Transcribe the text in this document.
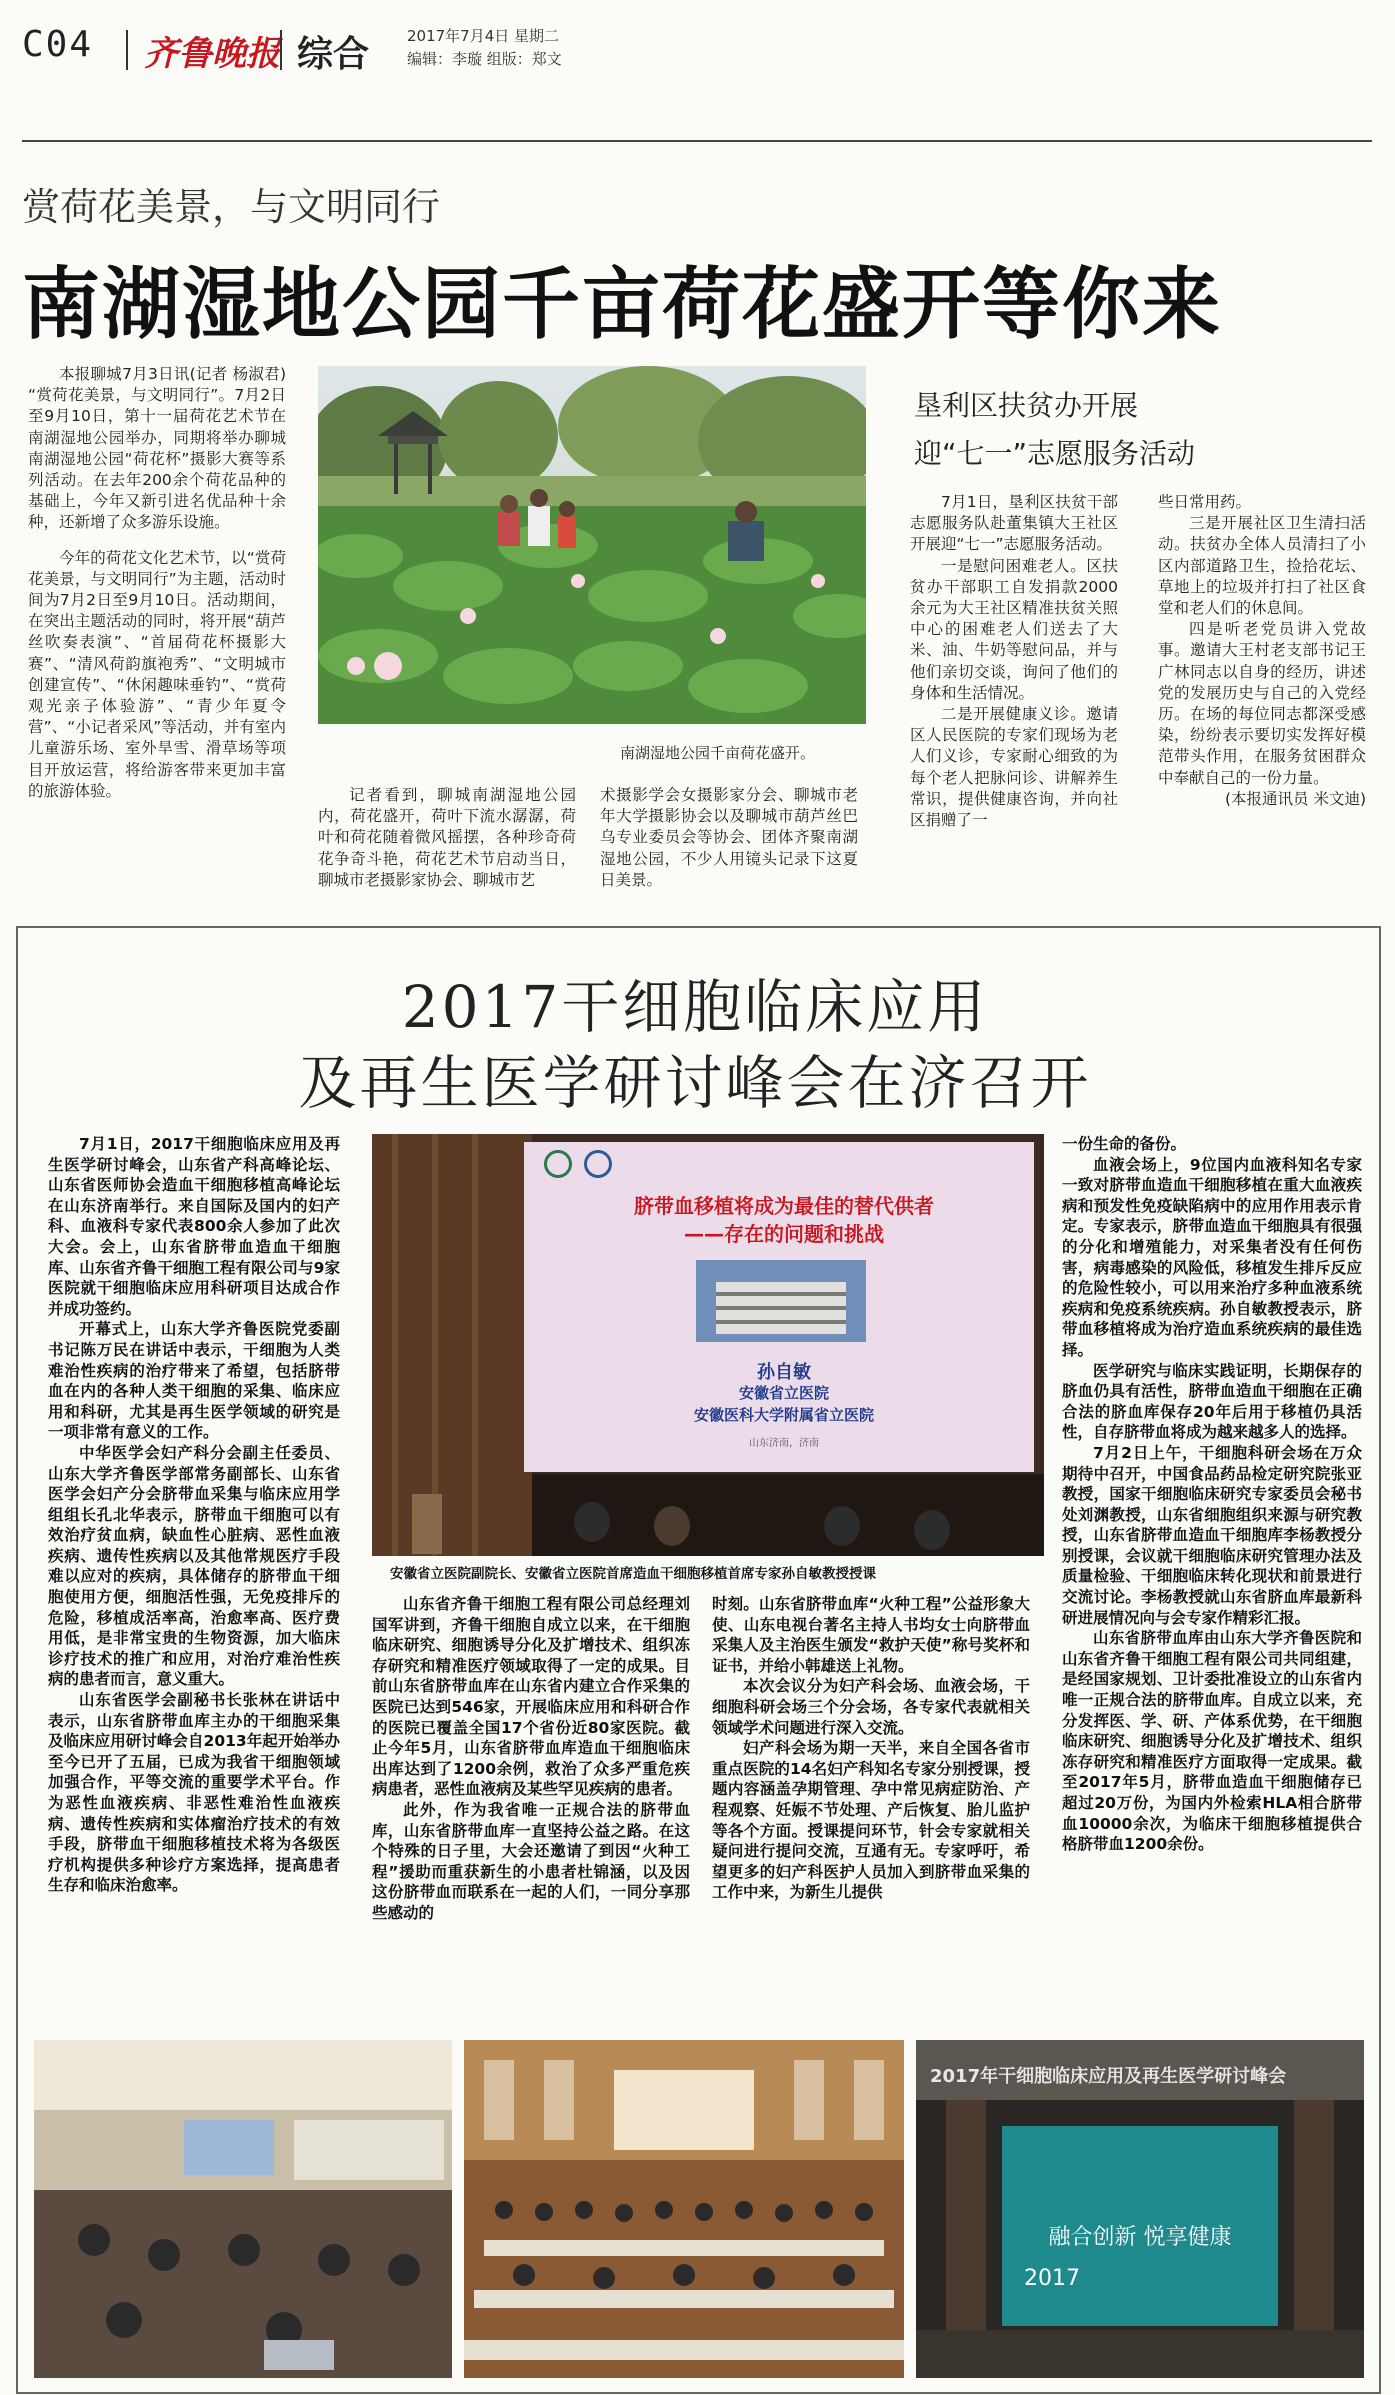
C04 齐鲁晚报 综合	2017年7月4日 星期二
编辑：李璇 组版：郑文
赏荷花美景，与文明同行
南湖湿地公园千亩荷花盛开等你来

本报聊城7月3日讯(记者 杨淑君) “赏荷花美景，与文明同行”。7月2日至9月10日，第十一届荷花艺术节在南湖湿地公园举办，同期将举办聊城南湖湿地公园“荷花杯”摄影大赛等系列活动。在去年200余个荷花品种的基础上，今年又新引进名优品种十余种，还新增了众多游乐设施。

今年的荷花文化艺术节，以“赏荷花美景，与文明同行”为主题，活动时间为7月2日至9月10日。活动期间，在突出主题活动的同时，将开展“葫芦丝吹奏表演”、“首届荷花杯摄影大赛”、“清风荷韵旗袍秀”、“文明城市创建宣传”、“休闲趣味垂钓”、“赏荷观光亲子体验游”、“青少年夏令营”、“小记者采风”等活动，并有室内儿童游乐场、室外旱雪、滑草场等项目开放运营，将给游客带来更加丰富的旅游体验。

南湖湿地公园千亩荷花盛开。

记者看到，聊城南湖湿地公园内，荷花盛开，荷叶下流水潺潺，荷叶和荷花随着微风摇摆，各种珍奇荷花争奇斗艳，荷花艺术节启动当日，聊城市老摄影家协会、聊城市艺

术摄影学会女摄影家分会、聊城市老年大学摄影协会以及聊城市葫芦丝巴乌专业委员会等协会、团体齐聚南湖湿地公园，不少人用镜头记录下这夏日美景。

垦利区扶贫办开展
迎“七一”志愿服务活动

7月1日，垦利区扶贫干部志愿服务队赴董集镇大王社区开展迎“七一”志愿服务活动。

一是慰问困难老人。区扶贫办干部职工自发捐款2000余元为大王社区精准扶贫关照中心的困难老人们送去了大米、油、牛奶等慰问品，并与他们亲切交谈，询问了他们的身体和生活情况。

二是开展健康义诊。邀请区人民医院的专家们现场为老人们义诊，专家耐心细致的为每个老人把脉问诊、讲解养生常识，提供健康咨询，并向社区捐赠了一

些日常用药。

三是开展社区卫生清扫活动。扶贫办全体人员清扫了小区内部道路卫生，捡拾花坛、草地上的垃圾并打扫了社区食堂和老人们的休息间。

四是听老党员讲入党故事。邀请大王村老支部书记王广林同志以自身的经历，讲述党的发展历史与自己的入党经历。在场的每位同志都深受感染，纷纷表示要切实发挥好模范带头作用，在服务贫困群众中奉献自己的一份力量。

(本报通讯员 米文迪)

2017干细胞临床应用
及再生医学研讨峰会在济召开

7月1日，2017干细胞临床应用及再生医学研讨峰会，山东省产科高峰论坛、山东省医师协会造血干细胞移植高峰论坛在山东济南举行。来自国际及国内的妇产科、血液科专家代表800余人参加了此次大会。会上，山东省脐带血造血干细胞库、山东省齐鲁干细胞工程有限公司与9家医院就干细胞临床应用科研项目达成合作并成功签约。

开幕式上，山东大学齐鲁医院党委副书记陈万民在讲话中表示，干细胞为人类难治性疾病的治疗带来了希望，包括脐带血在内的各种人类干细胞的采集、临床应用和科研，尤其是再生医学领域的研究是一项非常有意义的工作。

中华医学会妇产科分会副主任委员、山东大学齐鲁医学部常务副部长、山东省医学会妇产分会脐带血采集与临床应用学组组长孔北华表示，脐带血干细胞可以有效治疗贫血病，缺血性心脏病、恶性血液疾病、遗传性疾病以及其他常规医疗手段难以应对的疾病，具体储存的脐带血干细胞使用方便，细胞活性强，无免疫排斥的危险，移植成活率高，治愈率高、医疗费用低，是非常宝贵的生物资源，加大临床诊疗技术的推广和应用，对治疗难治性疾病的患者而言，意义重大。

山东省医学会副秘书长张林在讲话中表示，山东省脐带血库主办的干细胞采集及临床应用研讨峰会自2013年起开始举办至今已开了五届，已成为我省干细胞领域加强合作，平等交流的重要学术平台。作为恶性血液疾病、非恶性难治性血液疾病、遗传性疾病和实体瘤治疗技术的有效手段，脐带血干细胞移植技术将为各级医疗机构提供多种诊疗方案选择，提高患者生存和临床治愈率。

脐带血移植将成为最佳的替代供者
——存在的问题和挑战
孙自敏
安徽省立医院
安徽医科大学附属省立医院
山东济南，济南
安徽省立医院副院长、安徽省立医院首席造血干细胞移植首席专家孙自敏教授授课

山东省齐鲁干细胞工程有限公司总经理刘国军讲到，齐鲁干细胞自成立以来，在干细胞临床研究、细胞诱导分化及扩增技术、组织冻存研究和精准医疗领域取得了一定的成果。目前山东省脐带血库在山东省内建立合作采集的医院已达到546家，开展临床应用和科研合作的医院已覆盖全国17个省份近80家医院。截止今年5月，山东省脐带血库造血干细胞临床出库达到了1200余例，救治了众多严重危疾病患者，恶性血液病及某些罕见疾病的患者。

此外，作为我省唯一正规合法的脐带血库，山东省脐带血库一直坚持公益之路。在这个特殊的日子里，大会还邀请了到因“火种工程”援助而重获新生的小患者杜锦涵，以及因这份脐带血而联系在一起的人们，一同分享那些感动的

时刻。山东省脐带血库“火种工程”公益形象大使、山东电视台著名主持人书均女士向脐带血采集人及主治医生颁发“救护天使”称号奖杯和证书，并给小韩雄送上礼物。

本次会议分为妇产科会场、血液会场，干细胞科研会场三个分会场，各专家代表就相关领域学术问题进行深入交流。

妇产科会场为期一天半，来自全国各省市重点医院的14名妇产科知名专家分别授课，授题内容涵盖孕期管理、孕中常见病症防治、产程观察、妊娠不节处理、产后恢复、胎儿监护等各个方面。授课提问环节，针会专家就相关疑问进行提问交流，互通有无。专家呼吁，希望更多的妇产科医护人员加入到脐带血采集的工作中来，为新生儿提供

一份生命的备份。

血液会场上，9位国内血液科知名专家一致对脐带血造血干细胞移植在重大血液疾病和预发性免疫缺陷病中的应用作用表示肯定。专家表示，脐带血造血干细胞具有很强的分化和增殖能力，对采集者没有任何伤害，病毒感染的风险低，移植发生排斥反应的危险性较小，可以用来治疗多种血液系统疾病和免疫系统疾病。孙自敏教授表示，脐带血移植将成为治疗造血系统疾病的最佳选择。

医学研究与临床实践证明，长期保存的脐血仍具有活性，脐带血造血干细胞在正确合法的脐血库保存20年后用于移植仍具活性，自存脐带血将成为越来越多人的选择。

7月2日上午，干细胞科研会场在万众期待中召开，中国食品药品检定研究院张亚教授，国家干细胞临床研究专家委员会秘书处刘渊教授，山东省细胞组织来源与研究教授，山东省脐带血造血干细胞库李杨教授分别授课，会议就干细胞临床研究管理办法及质量检验、干细胞临床转化现状和前景进行交流讨论。李杨教授就山东省脐血库最新科研进展情况向与会专家作精彩汇报。

山东省脐带血库由山东大学齐鲁医院和山东省齐鲁干细胞工程有限公司共同组建，是经国家规划、卫计委批准设立的山东省内唯一正规合法的脐带血库。自成立以来，充分发挥医、学、研、产体系优势，在干细胞临床研究、细胞诱导分化及扩增技术、组织冻存研究和精准医疗方面取得一定成果。截至2017年5月，脐带血造血干细胞储存已超过20万份，为国内外检索HLA相合脐带血10000余次，为临床干细胞移植提供合格脐带血1200余份。

2017年干细胞临床应用及再生医学研讨峰会
融合创新 悦享健康
2017
